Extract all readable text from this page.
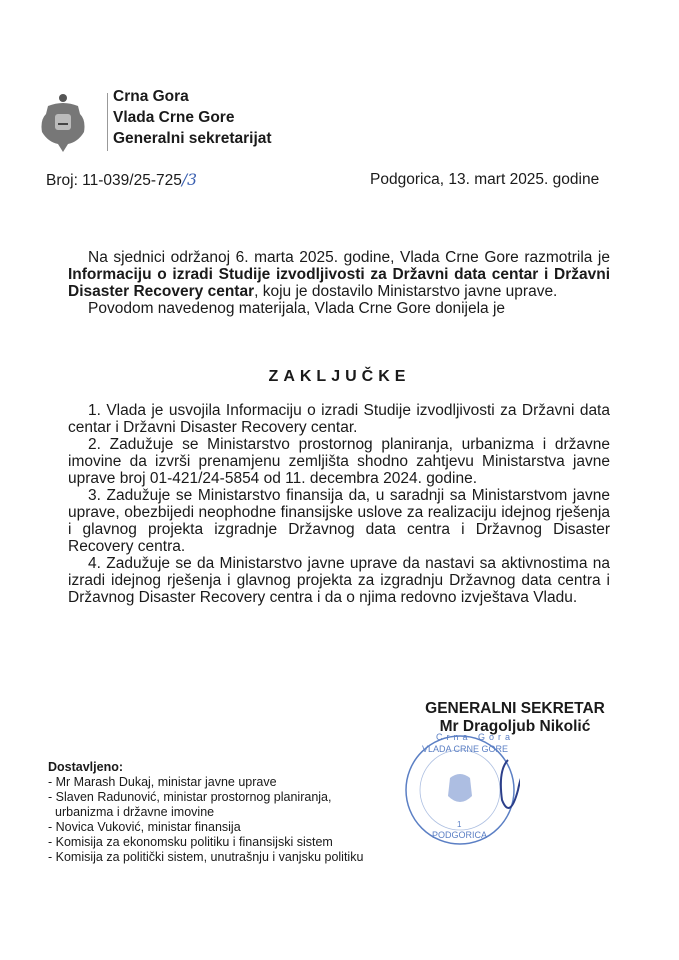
Crna Gora
Vlada Crne Gore
Generalni sekretarijat
Broj: 11-039/25-725/3	Podgorica, 13. mart 2025. godine

Na sjednici održanoj 6. marta 2025. godine, Vlada Crne Gore razmotrila je Informaciju o izradi Studije izvodljivosti za Državni data centar i Državni Disaster Recovery centar, koju je dostavilo Ministarstvo javne uprave.

Povodom navedenog materijala, Vlada Crne Gore donijela je

ZAKLJUČKE

1. Vlada je usvojila Informaciju o izradi Studije izvodljivosti za Državni data centar i Državni Disaster Recovery centar.

2. Zadužuje se Ministarstvo prostornog planiranja, urbanizma i državne imovine da izvrši prenamjenu zemljišta shodno zahtjevu Ministarstva javne uprave broj 01-421/24-5854 od 11. decembra 2024. godine.

3. Zadužuje se Ministarstvo finansija da, u saradnji sa Ministarstvom javne uprave, obezbijedi neophodne finansijske uslove za realizaciju idejnog rješenja i glavnog projekta izgradnje Državnog data centra i Državnog Disaster Recovery centra.

4. Zadužuje se da Ministarstvo javne uprave da nastavi sa aktivnostima na izradi idejnog rješenja i glavnog projekta za izgradnju Državnog data centra i Državnog Disaster Recovery centra i da o njima redovno izvještava Vladu.

GENERALNI SEKRETAR
Mr Dragoljub Nikolić
VLADA CRNE GORE
Crna Gora
1
PODGORICA
Dostavljeno:
- Mr Marash Dukaj, ministar javne uprave
- Slaven Radunović, ministar prostornog planiranja,
urbanizma i državne imovine
- Novica Vuković, ministar finansija
- Komisija za ekonomsku politiku i finansijski sistem
- Komisija za politički sistem, unutrašnju i vanjsku politiku
